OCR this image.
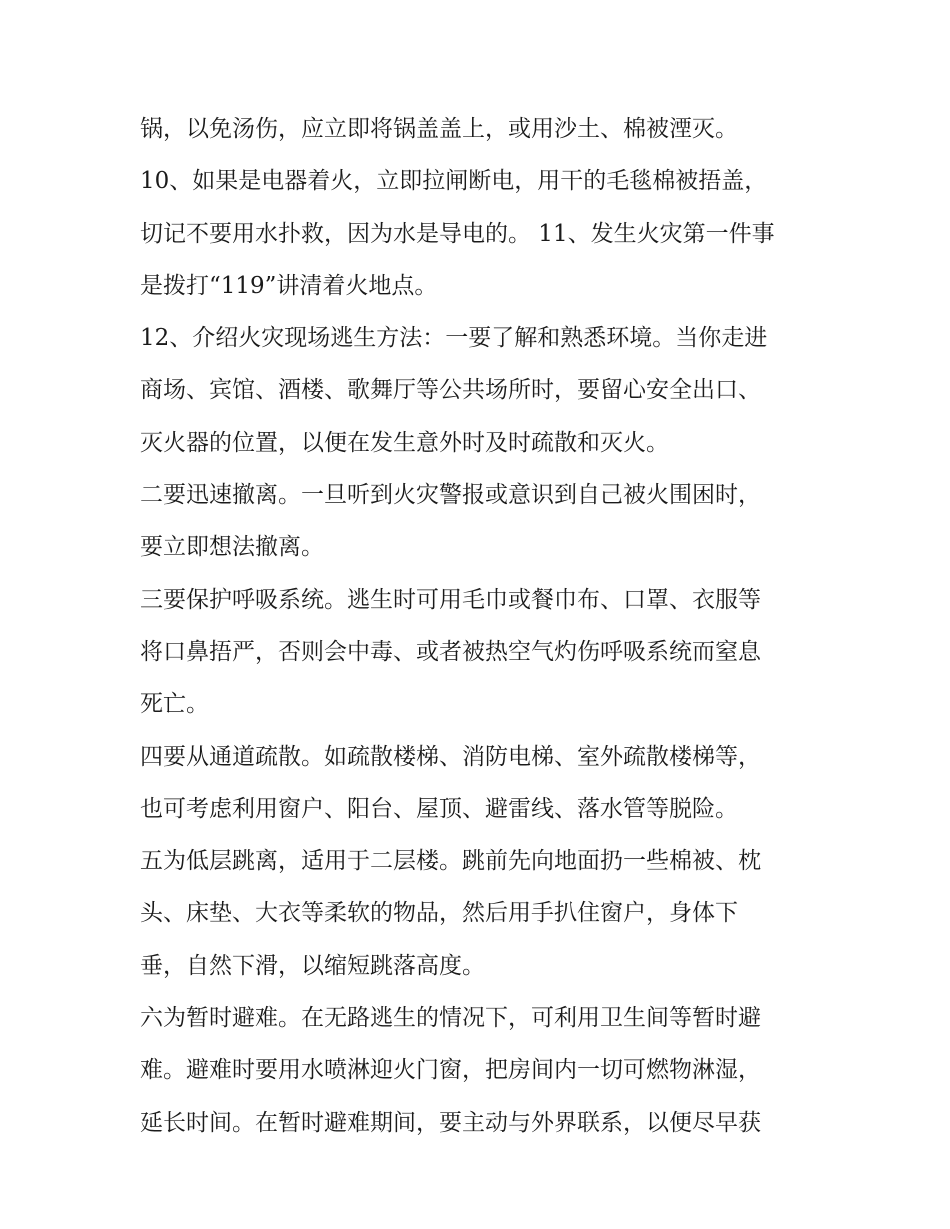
锅，以免汤伤，应立即将锅盖盖上，或用沙土、棉被湮灭。
10、如果是电器着火，立即拉闸断电，用干的毛毯棉被捂盖，
切记不要用水扑救，因为水是导电的。 11、发生火灾第一件事
是拨打“119”讲清着火地点。
12、介绍火灾现场逃生方法：一要了解和熟悉环境。当你走进
商场、宾馆、酒楼、歌舞厅等公共场所时，要留心安全出口、
灭火器的位置，以便在发生意外时及时疏散和灭火。
二要迅速撤离。一旦听到火灾警报或意识到自己被火围困时，
要立即想法撤离。
三要保护呼吸系统。逃生时可用毛巾或餐巾布、口罩、衣服等
将口鼻捂严，否则会中毒、或者被热空气灼伤呼吸系统而窒息
死亡。
四要从通道疏散。如疏散楼梯、消防电梯、室外疏散楼梯等，
也可考虑利用窗户、阳台、屋顶、避雷线、落水管等脱险。
五为低层跳离，适用于二层楼。跳前先向地面扔一些棉被、枕
头、床垫、大衣等柔软的物品，然后用手扒住窗户，身体下
垂，自然下滑，以缩短跳落高度。
六为暂时避难。在无路逃生的情况下，可利用卫生间等暂时避
难。避难时要用水喷淋迎火门窗，把房间内一切可燃物淋湿，
延长时间。在暂时避难期间，要主动与外界联系，以便尽早获
